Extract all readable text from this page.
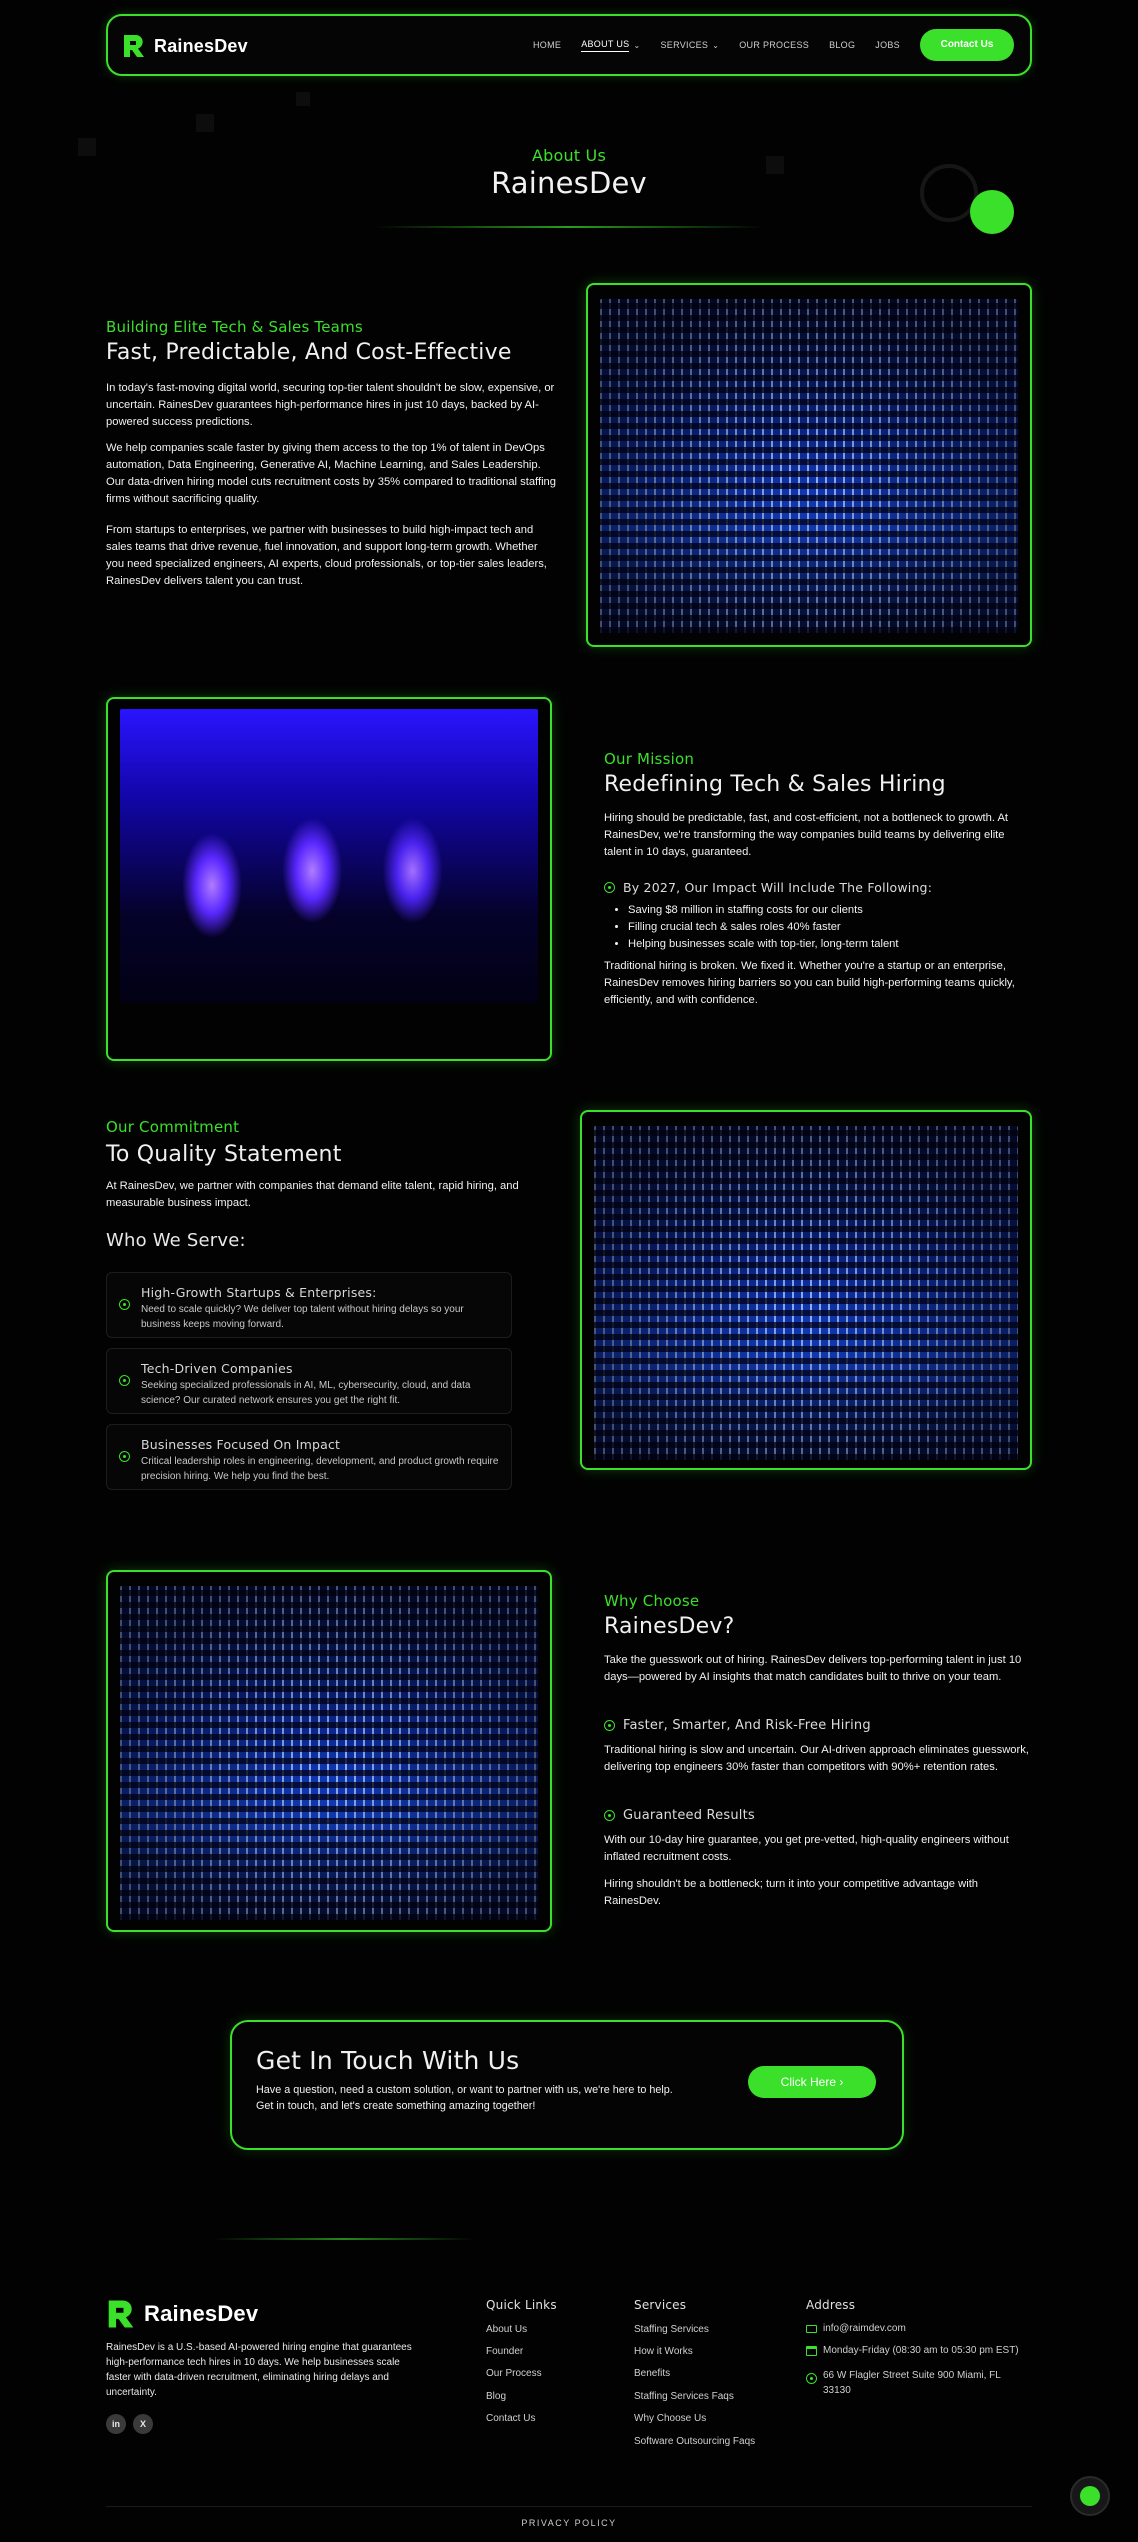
RainesDev	HOME ABOUT US ⌄ SERVICES ⌄ OUR PROCESS BLOG JOBS	Contact Us
About Us
RainesDev
Building Elite Tech & Sales Teams
Fast, Predictable, And Cost-Effective
In today's fast-moving digital world, securing top-tier talent shouldn't be slow, expensive, or uncertain. RainesDev guarantees high-performance hires in just 10 days, backed by AI-powered success predictions.
We help companies scale faster by giving them access to the top 1% of talent in DevOps automation, Data Engineering, Generative AI, Machine Learning, and Sales Leadership. Our data-driven hiring model cuts recruitment costs by 35% compared to traditional staffing firms without sacrificing quality.
From startups to enterprises, we partner with businesses to build high-impact tech and sales teams that drive revenue, fuel innovation, and support long-term growth. Whether you need specialized engineers, AI experts, cloud professionals, or top-tier sales leaders, RainesDev delivers talent you can trust.
Our Mission
Redefining Tech & Sales Hiring
Hiring should be predictable, fast, and cost-efficient, not a bottleneck to growth. At RainesDev, we're transforming the way companies build teams by delivering elite talent in 10 days, guaranteed.
By 2027, Our Impact Will Include The Following:
• Saving $8 million in staffing costs for our clients
• Filling crucial tech & sales roles 40% faster
• Helping businesses scale with top-tier, long-term talent
Traditional hiring is broken. We fixed it. Whether you're a startup or an enterprise, RainesDev removes hiring barriers so you can build high-performing teams quickly, efficiently, and with confidence.
Our Commitment
To Quality Statement
At RainesDev, we partner with companies that demand elite talent, rapid hiring, and measurable business impact.
Who We Serve:
High-Growth Startups & Enterprises:
Need to scale quickly? We deliver top talent without hiring delays so your business keeps moving forward.
Tech-Driven Companies
Seeking specialized professionals in AI, ML, cybersecurity, cloud, and data science? Our curated network ensures you get the right fit.
Businesses Focused On Impact
Critical leadership roles in engineering, development, and product growth require precision hiring. We help you find the best.
Why Choose
RainesDev?
Take the guesswork out of hiring. RainesDev delivers top-performing talent in just 10 days—powered by AI insights that match candidates built to thrive on your team.
Faster, Smarter, And Risk-Free Hiring
Traditional hiring is slow and uncertain. Our AI-driven approach eliminates guesswork, delivering top engineers 30% faster than competitors with 90%+ retention rates.
Guaranteed Results
With our 10-day hire guarantee, you get pre-vetted, high-quality engineers without inflated recruitment costs.
Hiring shouldn't be a bottleneck; turn it into your competitive advantage with RainesDev.
Get In Touch With Us
Have a question, need a custom solution, or want to partner with us, we're here to help. Get in touch, and let's create something amazing together!
Click Here ›
RainesDev
RainesDev is a U.S.-based AI-powered hiring engine that guarantees high-performance tech hires in 10 days. We help businesses scale faster with data-driven recruitment, eliminating hiring delays and uncertainty.
in	X
Quick Links
About Us
Founder
Our Process
Blog
Contact Us
Services
Staffing Services
How it Works
Benefits
Staffing Services Faqs
Why Choose Us
Software Outsourcing Faqs
Address
info@raimdev.com
Monday-Friday (08:30 am to 05:30 pm EST)
66 W Flagler Street Suite 900 Miami, FL 33130
PRIVACY POLICY
